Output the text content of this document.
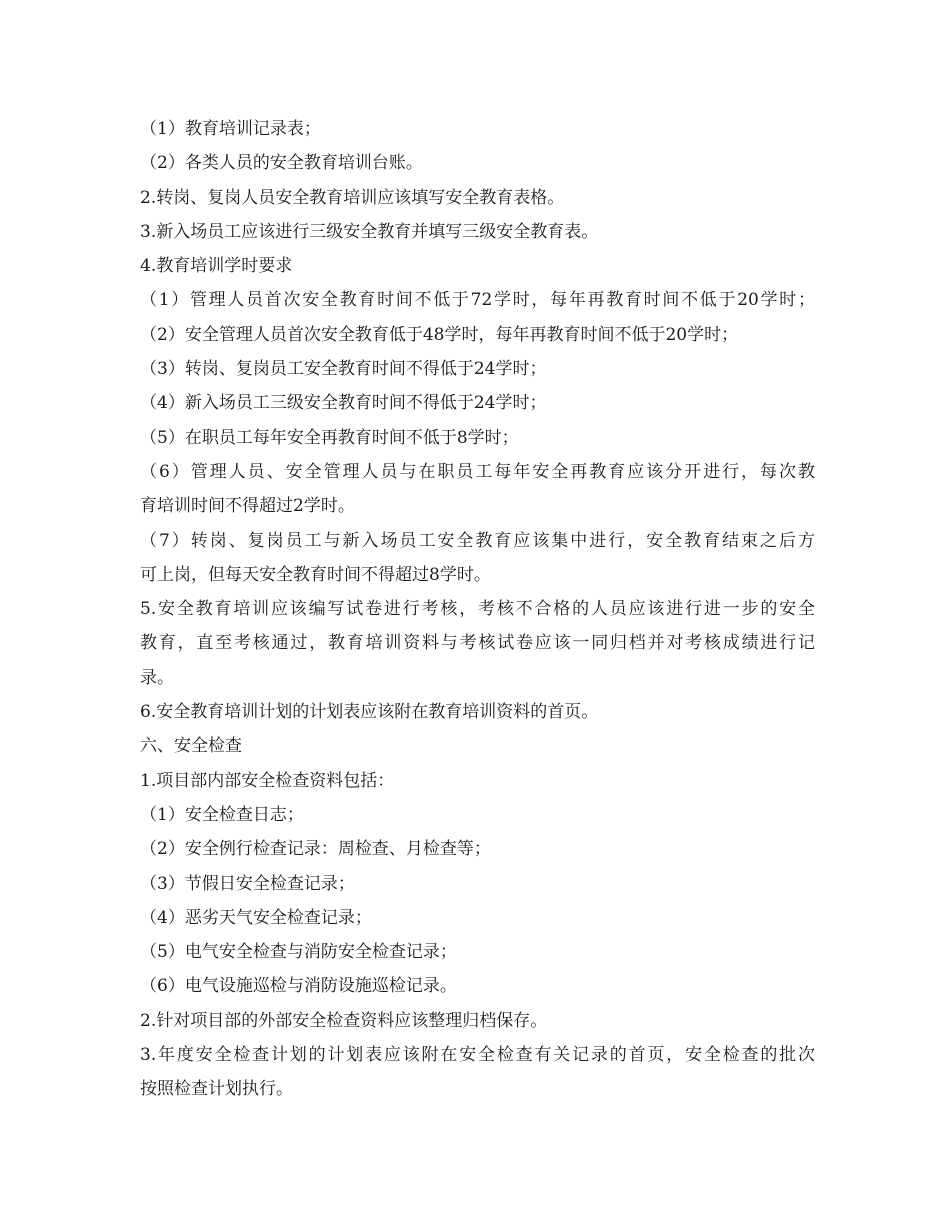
（1）教育培训记录表；
（2）各类人员的安全教育培训台账。
2.转岗、复岗人员安全教育培训应该填写安全教育表格。
3.新入场员工应该进行三级安全教育并填写三级安全教育表。
4.教育培训学时要求
（1）管理人员首次安全教育时间不低于72学时，每年再教育时间不低于20学时；
（2）安全管理人员首次安全教育低于48学时，每年再教育时间不低于20学时；
（3）转岗、复岗员工安全教育时间不得低于24学时；
（4）新入场员工三级安全教育时间不得低于24学时；
（5）在职员工每年安全再教育时间不低于8学时；
（6）管理人员、安全管理人员与在职员工每年安全再教育应该分开进行，每次教
育培训时间不得超过2学时。
（7）转岗、复岗员工与新入场员工安全教育应该集中进行，安全教育结束之后方
可上岗，但每天安全教育时间不得超过8学时。
5.安全教育培训应该编写试卷进行考核，考核不合格的人员应该进行进一步的安全
教育，直至考核通过，教育培训资料与考核试卷应该一同归档并对考核成绩进行记
录。
6.安全教育培训计划的计划表应该附在教育培训资料的首页。
六、安全检查
1.项目部内部安全检查资料包括：
（1）安全检查日志；
（2）安全例行检查记录：周检查、月检查等；
（3）节假日安全检查记录；
（4）恶劣天气安全检查记录；
（5）电气安全检查与消防安全检查记录；
（6）电气设施巡检与消防设施巡检记录。
2.针对项目部的外部安全检查资料应该整理归档保存。
3.年度安全检查计划的计划表应该附在安全检查有关记录的首页，安全检查的批次
按照检查计划执行。
